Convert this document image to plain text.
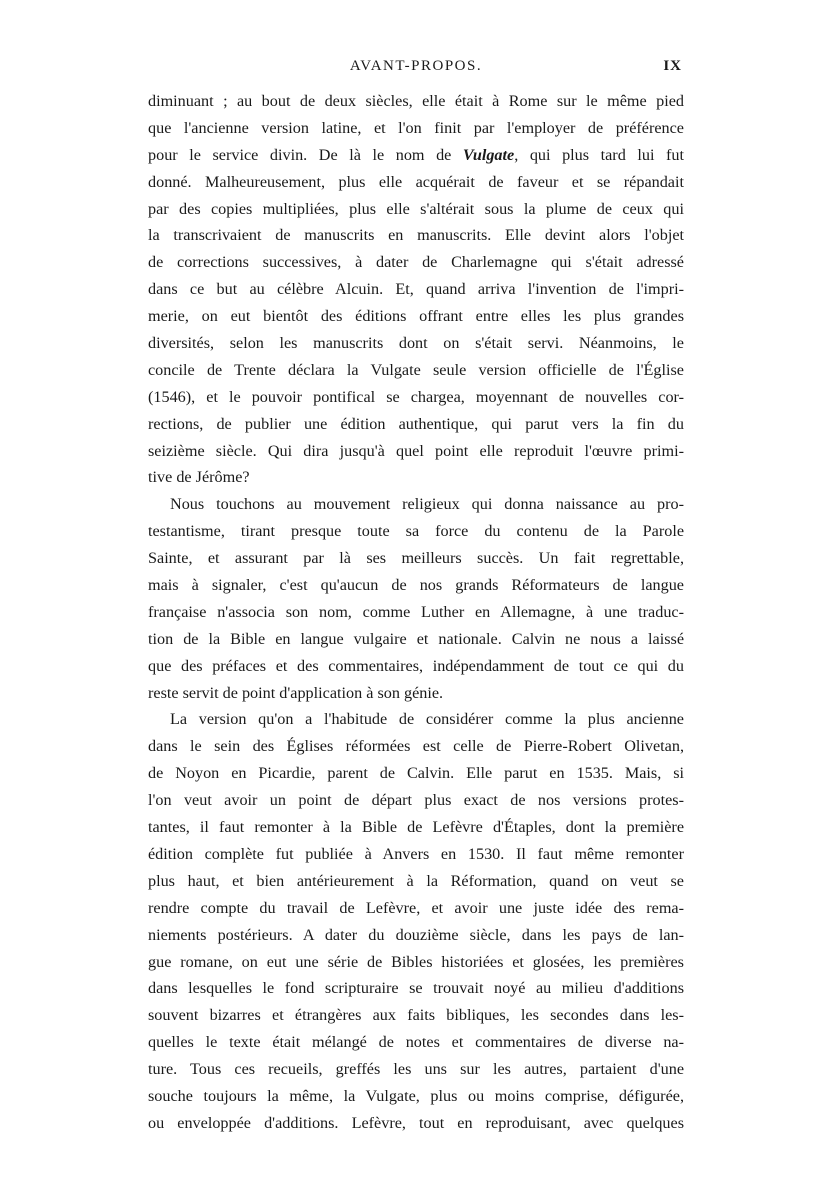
AVANT-PROPOS.	IX
diminuant ; au bout de deux siècles, elle était à Rome sur le même pied
que l'ancienne version latine, et l'on finit par l'employer de préférence
pour le service divin. De là le nom de Vulgate, qui plus tard lui fut
donné. Malheureusement, plus elle acquérait de faveur et se répandait
par des copies multipliées, plus elle s'altérait sous la plume de ceux qui
la transcrivaient de manuscrits en manuscrits. Elle devint alors l'objet
de corrections successives, à dater de Charlemagne qui s'était adressé
dans ce but au célèbre Alcuin. Et, quand arriva l'invention de l'impri-
merie, on eut bientôt des éditions offrant entre elles les plus grandes
diversités, selon les manuscrits dont on s'était servi. Néanmoins, le
concile de Trente déclara la Vulgate seule version officielle de l'Église
(1546), et le pouvoir pontifical se chargea, moyennant de nouvelles cor-
rections, de publier une édition authentique, qui parut vers la fin du
seizième siècle. Qui dira jusqu'à quel point elle reproduit l'œuvre primi-
tive de Jérôme?
Nous touchons au mouvement religieux qui donna naissance au pro-
testantisme, tirant presque toute sa force du contenu de la Parole
Sainte, et assurant par là ses meilleurs succès. Un fait regrettable,
mais à signaler, c'est qu'aucun de nos grands Réformateurs de langue
française n'associa son nom, comme Luther en Allemagne, à une traduc-
tion de la Bible en langue vulgaire et nationale. Calvin ne nous a laissé
que des préfaces et des commentaires, indépendamment de tout ce qui du
reste servit de point d'application à son génie.
La version qu'on a l'habitude de considérer comme la plus ancienne
dans le sein des Églises réformées est celle de Pierre-Robert Olivetan,
de Noyon en Picardie, parent de Calvin. Elle parut en 1535. Mais, si
l'on veut avoir un point de départ plus exact de nos versions protes-
tantes, il faut remonter à la Bible de Lefèvre d'Étaples, dont la première
édition complète fut publiée à Anvers en 1530. Il faut même remonter
plus haut, et bien antérieurement à la Réformation, quand on veut se
rendre compte du travail de Lefèvre, et avoir une juste idée des rema-
niements postérieurs. A dater du douzième siècle, dans les pays de lan-
gue romane, on eut une série de Bibles historiées et glosées, les premières
dans lesquelles le fond scripturaire se trouvait noyé au milieu d'additions
souvent bizarres et étrangères aux faits bibliques, les secondes dans les-
quelles le texte était mélangé de notes et commentaires de diverse na-
ture. Tous ces recueils, greffés les uns sur les autres, partaient d'une
souche toujours la même, la Vulgate, plus ou moins comprise, défigurée,
ou enveloppée d'additions. Lefèvre, tout en reproduisant, avec quelques
